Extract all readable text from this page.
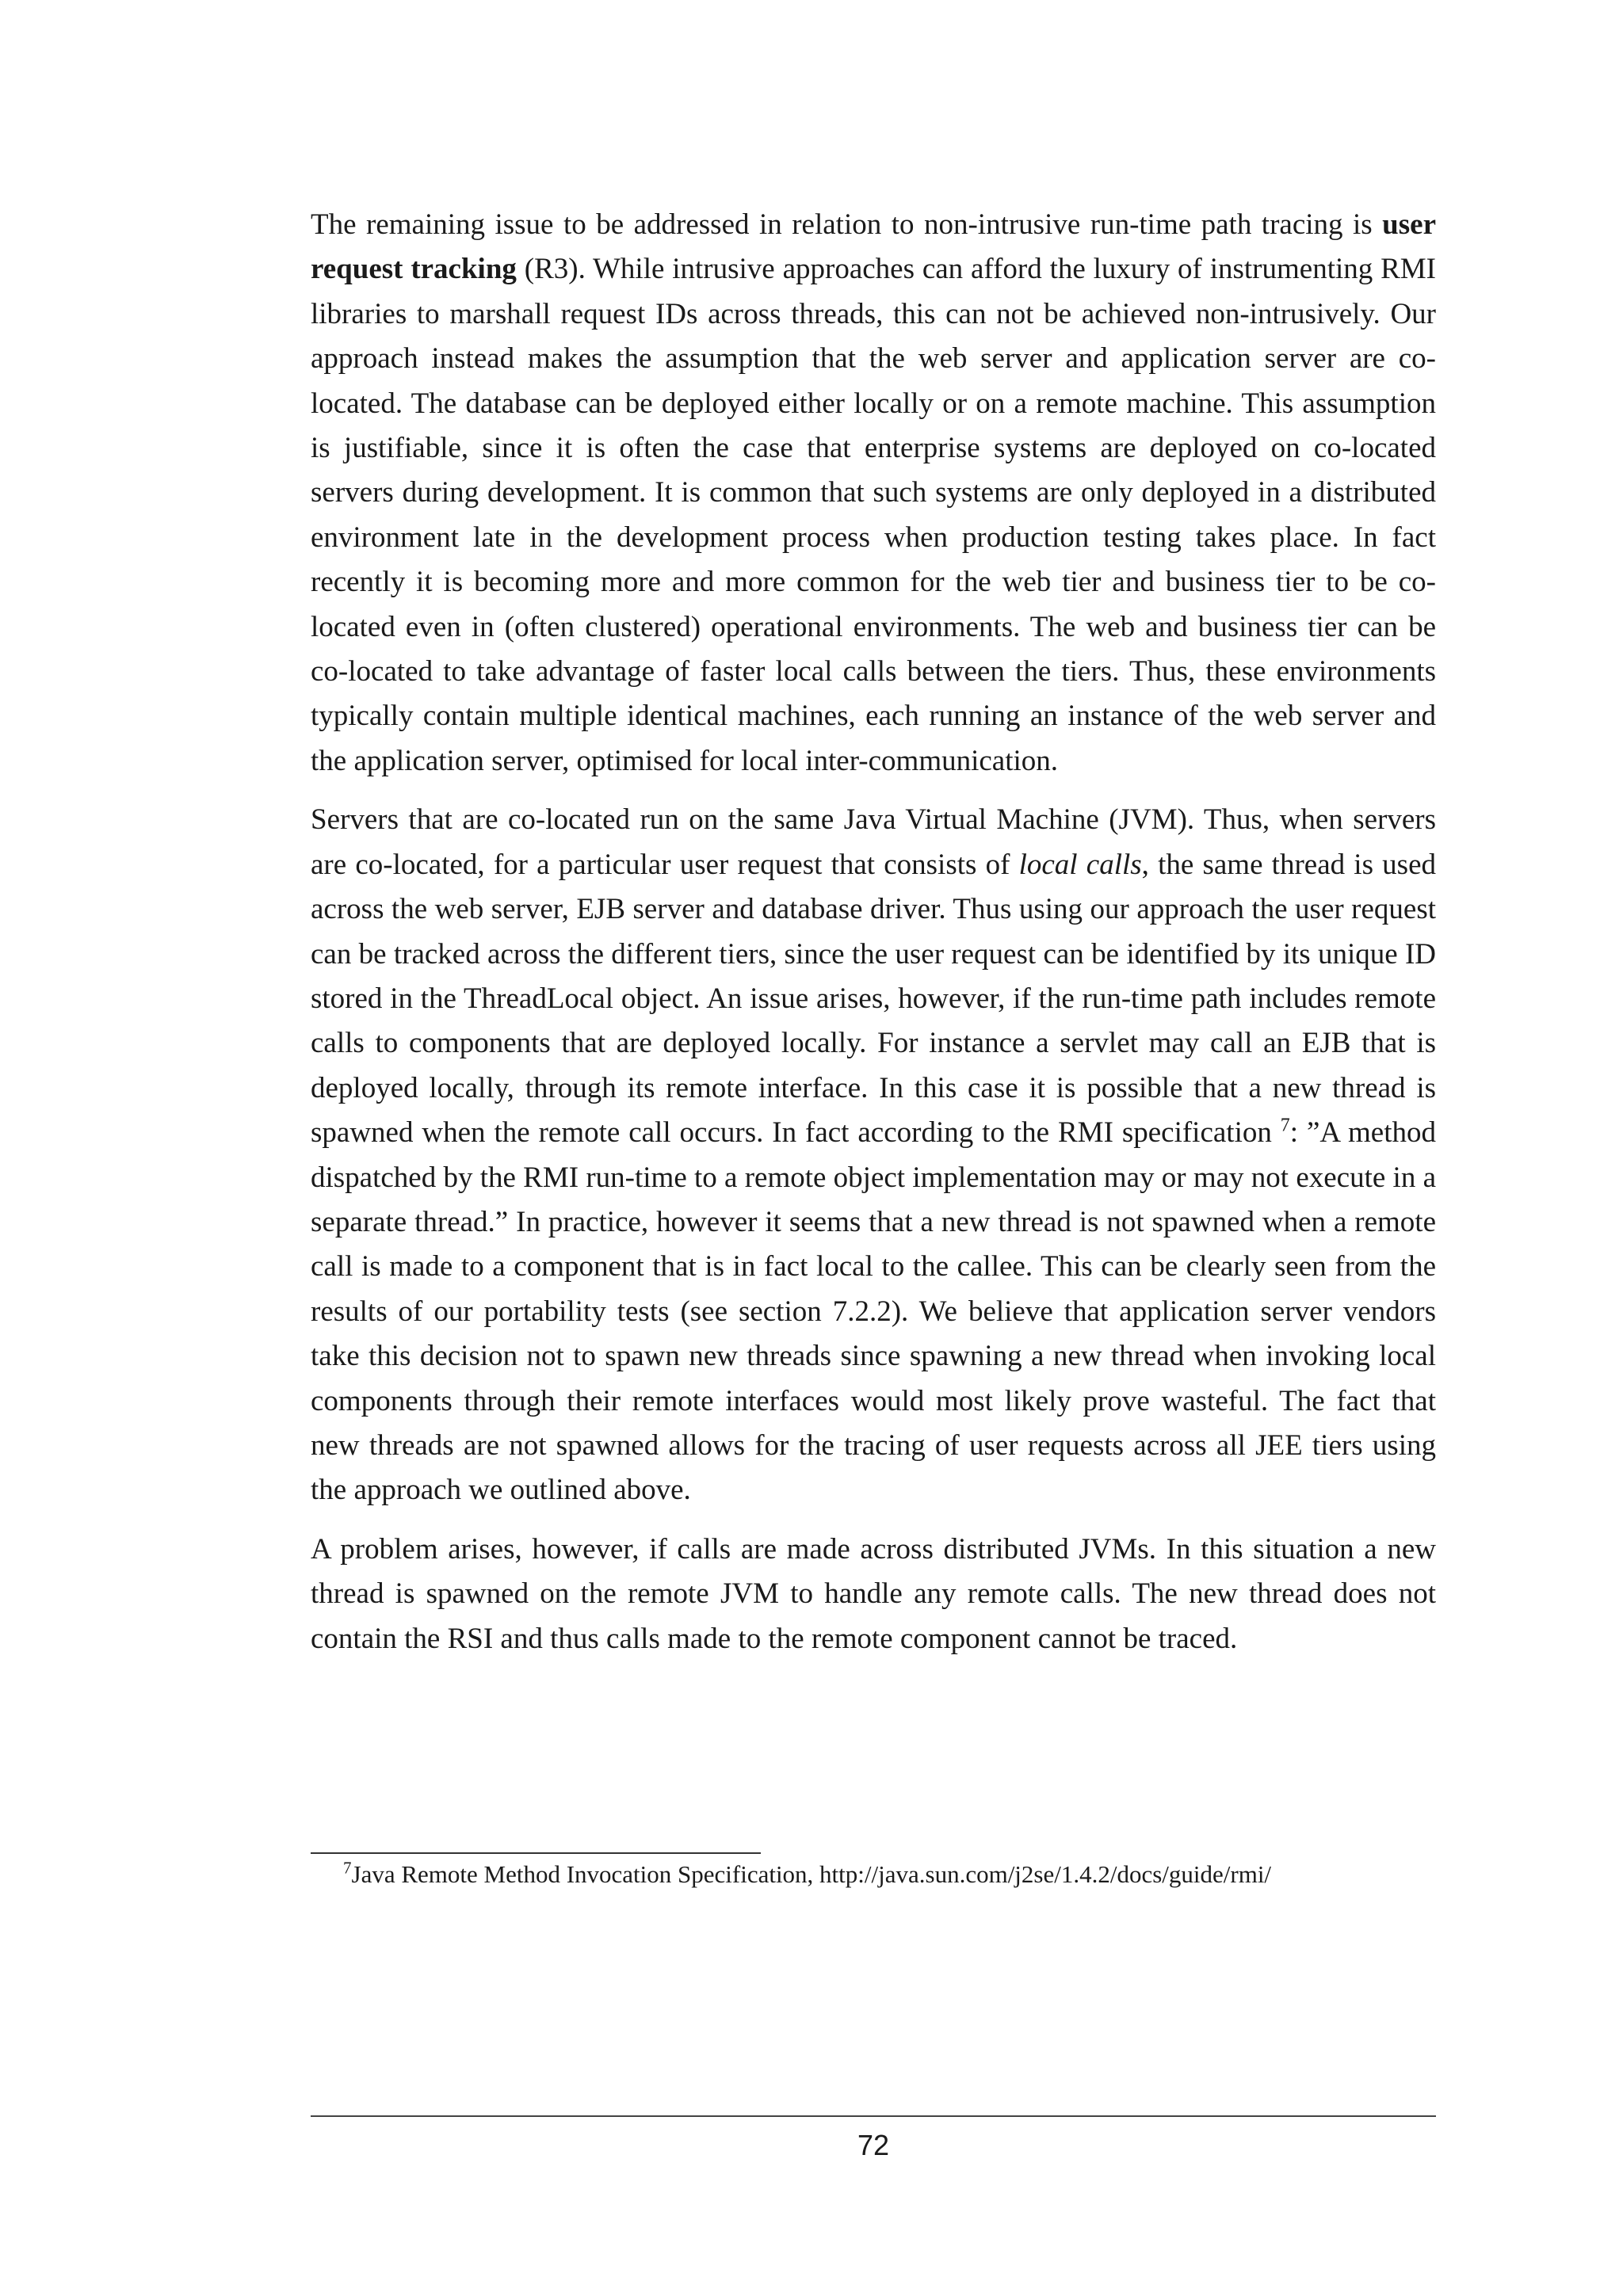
The remaining issue to be addressed in relation to non-intrusive run-time path tracing is user request tracking (R3). While intrusive approaches can afford the luxury of instrumenting RMI libraries to marshall request IDs across threads, this can not be achieved non-intrusively. Our approach instead makes the assumption that the web server and application server are co-located. The database can be deployed either locally or on a remote machine. This assumption is justifiable, since it is often the case that enterprise systems are deployed on co-located servers during development. It is common that such systems are only deployed in a distributed environment late in the development process when production testing takes place. In fact recently it is becoming more and more common for the web tier and business tier to be co-located even in (often clustered) operational environments. The web and business tier can be co-located to take advantage of faster local calls between the tiers. Thus, these environments typically contain multiple identical machines, each running an instance of the web server and the application server, optimised for local inter-communication.

Servers that are co-located run on the same Java Virtual Machine (JVM). Thus, when servers are co-located, for a particular user request that consists of local calls, the same thread is used across the web server, EJB server and database driver. Thus using our approach the user request can be tracked across the different tiers, since the user request can be identified by its unique ID stored in the ThreadLocal object. An issue arises, however, if the run-time path includes remote calls to components that are deployed locally. For instance a servlet may call an EJB that is deployed locally, through its remote interface. In this case it is possible that a new thread is spawned when the remote call occurs. In fact according to the RMI specification $^7$: ”A method dispatched by the RMI run-time to a remote object implementation may or may not execute in a separate thread.” In practice, however it seems that a new thread is not spawned when a remote call is made to a component that is in fact local to the callee. This can be clearly seen from the results of our portability tests (see section 7.2.2). We believe that application server vendors take this decision not to spawn new threads since spawning a new thread when invoking local components through their remote interfaces would most likely prove wasteful. The fact that new threads are not spawned allows for the tracing of user requests across all JEE tiers using the approach we outlined above.

A problem arises, however, if calls are made across distributed JVMs. In this situation a new thread is spawned on the remote JVM to handle any remote calls. The new thread does not contain the RSI and thus calls made to the remote component cannot be traced.

$^7$Java Remote Method Invocation Specification, http://java.sun.com/j2se/1.4.2/docs/guide/rmi/
72
